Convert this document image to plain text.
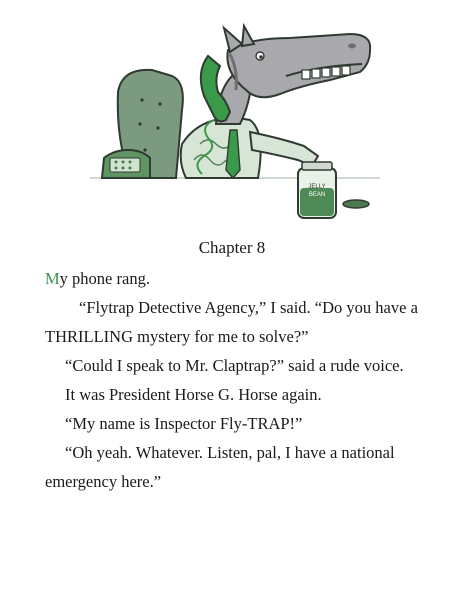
JELLY
BEAN
Chapter 8

My phone rang.

“Flytrap Detective Agency,” I said. “Do you have a THRILLING mystery for me to solve?”

“Could I speak to Mr. Claptrap?” said a rude voice.

It was President Horse G. Horse again.

“My name is Inspector Fly-TRAP!”

“Oh yeah. Whatever. Listen, pal, I have a national emergency here.”
